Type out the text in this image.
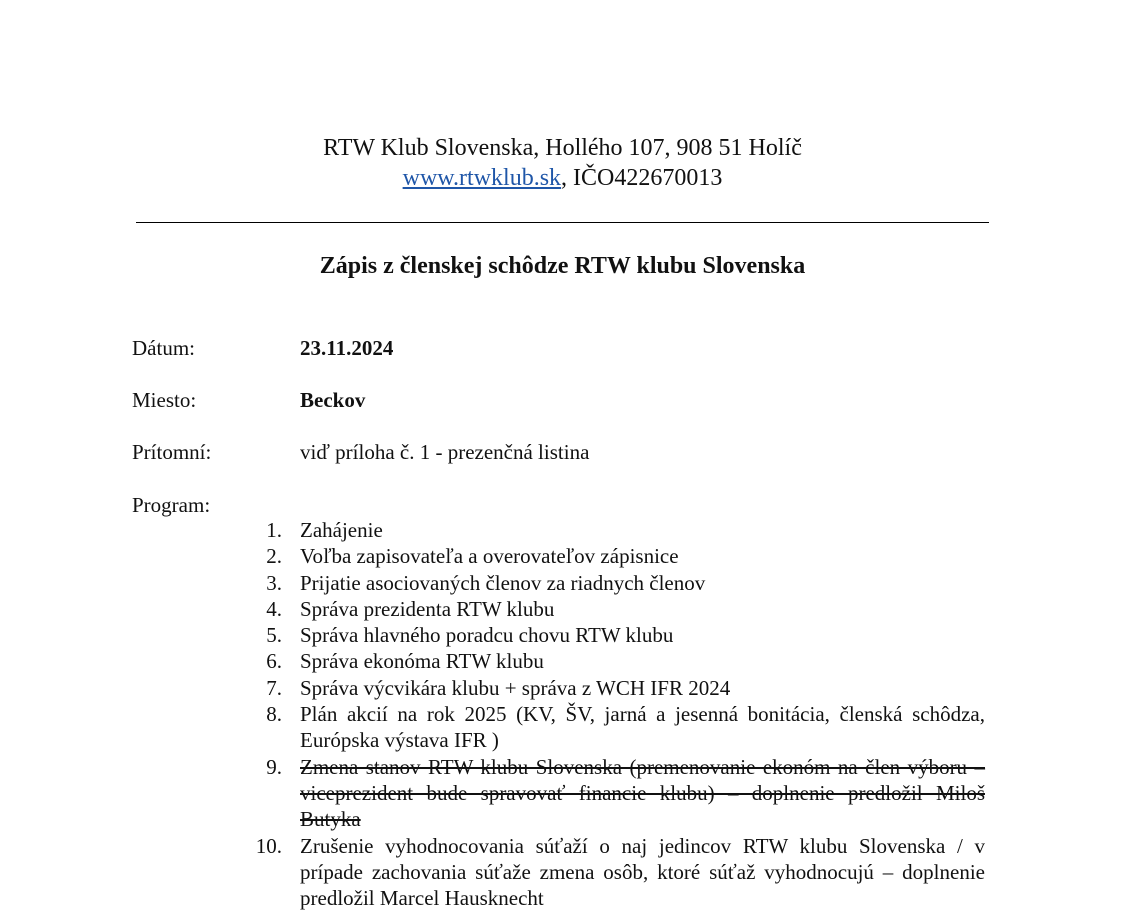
RTW Klub Slovenska, Hollého 107, 908 51 Holíč
www.rtwklub.sk, IČO422670013
Zápis z členskej schôdze RTW klubu Slovenska
Dátum:	23.11.2024
Miesto:	Beckov
Prítomní:	viď príloha č. 1 - prezenčná listina
Program:
1. Zahájenie
2. Voľba zapisovateľa a overovateľov zápisnice
3. Prijatie asociovaných členov za riadnych členov
4. Správa prezidenta RTW klubu
5. Správa hlavného poradcu chovu RTW klubu
6. Správa ekonóma RTW klubu
7. Správa výcvikára klubu + správa z WCH IFR 2024
8. Plán akcií na rok 2025 (KV, ŠV, jarná a jesenná bonitácia, členská schôdza, Európska výstava IFR )
9. Zmena stanov RTW klubu Slovenska (premenovanie ekonóm na člen výboru – viceprezident bude spravovať financie klubu) – doplnenie predložil Miloš Butyka
10. Zrušenie vyhodnocovania súťaží o naj jedincov RTW klubu Slovenska / v prípade zachovania súťaže zmena osôb, ktoré súťaž vyhodnocujú – doplnenie predložil Marcel Hausknecht
